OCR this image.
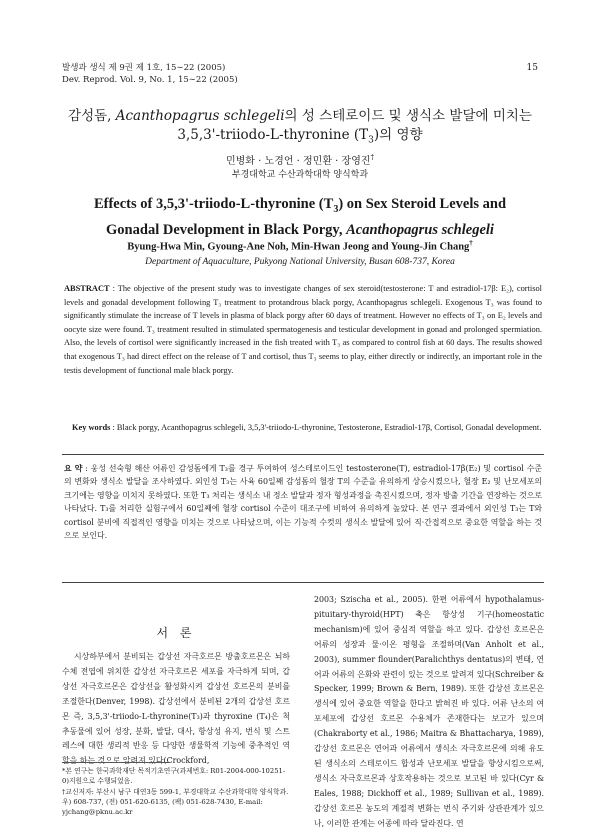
발생과 생식 제 9권 제 1호, 15∼22 (2005)
Dev. Reprod. Vol. 9, No. 1, 15∼22 (2005)
15
감성돔, Acanthopagrus schlegeli의 성 스테로이드 및 생식소 발달에 미치는
3,5,3'-triiodo-L-thyronine $(T_3)$의 영향
민병화 · 노경언 · 정민환 · 장영진†
부경대학교 수산과학대학 양식학과
Effects of 3,5,3'-triiodo-L-thyronine $(T_3)$ on Sex Steroid Levels and
Gonadal Development in Black Porgy, Acanthopagrus schlegeli
Byung-Hwa Min, Gyoung-Ane Noh, Min-Hwan Jeong and Young-Jin Chang†
Department of Aquaculture, Pukyong National University, Busan 608-737, Korea
ABSTRACT : The objective of the present study was to investigate changes of sex steroid(testosterone: T and estradiol-17β: E₂), cortisol levels and gonadal development following T₃ treatment to protandrous black porgy, Acanthopagrus schlegeli. Exogenous T₃ was found to significantly stimulate the increase of T levels in plasma of black porgy after 60 days of treatment. However no effects of T₃ on E₂ levels and oocyte size were found. T₃ treatment resulted in stimulated spermatogenesis and testicular development in gonad and prolonged spermiation. Also, the levels of cortisol were significantly increased in the fish treated with T₃ as compared to control fish at 60 days. The results showed that exogenous T₃ had direct effect on the release of T and cortisol, thus T₃ seems to play, either directly or indirectly, an important role in the testis development of functional male black porgy.
Key words : Black porgy, Acanthopagrus schlegeli, 3,5,3'-triiodo-L-thyronine, Testosterone, Estradiol-17β, Cortisol, Gonadal development.
요 약 : 웅성 선숙형 해산 어류인 감성돔에게 T₃를 경구 투여하여 성스테로이드인 testosterone(T), estradiol-17β(E₂) 및 cortisol 수준의 변화와 생식소 발달을 조사하였다. 외인성 T₃는 사육 60일째 감성돔의 혈장 T의 수준을 유의하게 상승시켰으나, 혈장 E₂ 및 난모세포의 크기에는 영향을 미치지 못하였다. 또한 T₃ 처리는 생식소 내 정소 발달과 정자 형성과정을 촉진시켰으며, 정자 방출 기간을 연장하는 것으로 나타났다. T₃를 처리한 실험구에서 60일째에 혈장 cortisol 수준이 대조구에 비하여 유의하게 높았다. 본 연구 결과에서 외인성 T₃는 T와 cortisol 분비에 직접적인 영향을 미치는 것으로 나타났으며, 이는 기능적 수컷의 생식소 발달에 있어 직·간접적으로 중요한 역할을 하는 것으로 보인다.
서 론
시상하부에서 분비되는 갑상선 자극호르몬 방출호르몬은 뇌하수체 전엽에 위치한 갑상선 자극호르몬 세포를 자극하게 되며, 갑상선 자극호르몬은 갑상선을 활성화시켜 갑상선 호르몬의 분비를 조절한다(Denver, 1998). 갑상선에서 분비된 2개의 갑상선 호르몬 즉, 3,5,3'-triiodo-L-thyronine(T₃)과 thyroxine (T₄)은 척추동물에 있어 성장, 분화, 발달, 대사, 항상성 유지, 번식 및 스트레스에 대한 생리적 반응 등 다양한 생물학적 기능에 중추적인 역할을 하는 것으로 알려져 있다(Crockford,
2003; Szischa et al., 2005). 한편 어류에서 hypothalamus-pituitary-thyroid(HPT) 축은 항상성 기구(homeostatic mechanism)에 있어 중심적 역할을 하고 있다. 갑상선 호르몬은 어류의 성장과 물·이온 평형을 조절하며(Van Anholt et al., 2003), summer flounder(Paralichthys dentatus)의 변태, 연어과 어류의 은화와 관련이 있는 것으로 알려져 있다(Schreiber & Specker, 1999; Brown & Bern, 1989). 또한 갑상선 호르몬은 생식에 있어 중요한 역할을 한다고 밝혀진 바 있다. 어류 난소의 여포세포에 갑상선 호르몬 수용체가 존재한다는 보고가 있으며(Chakraborty et al., 1986; Maitra & Bhattacharya, 1989), 갑상선 호르몬은 연어과 어류에서 생식소 자극호르몬에 의해 유도된 생식소의 스테로이드 합성과 난모세포 발달을 향상시킴으로써, 생식소 자극호르몬과 상호작용하는 것으로 보고된 바 있다(Cyr & Eales, 1988; Dickhoff et al., 1989; Sullivan et al., 1989). 갑상선 호르몬 농도의 계절적 변화는 번식 주기와 상관관계가 있으나, 이러한 관계는 어종에 따라 달라진다. 연

*본 연구는 한국과학재단 목적기초연구(과제번호: R01-2004-000-10251-0)지원으로 수행되었음.

†교신저자: 부산시 남구 대연3동 599-1, 부경대학교 수산과학대학 양식학과. 우) 608-737, (전) 051-620-6135, (팩) 051-628-7430, E-mail: yjchang@pknu.ac.kr
